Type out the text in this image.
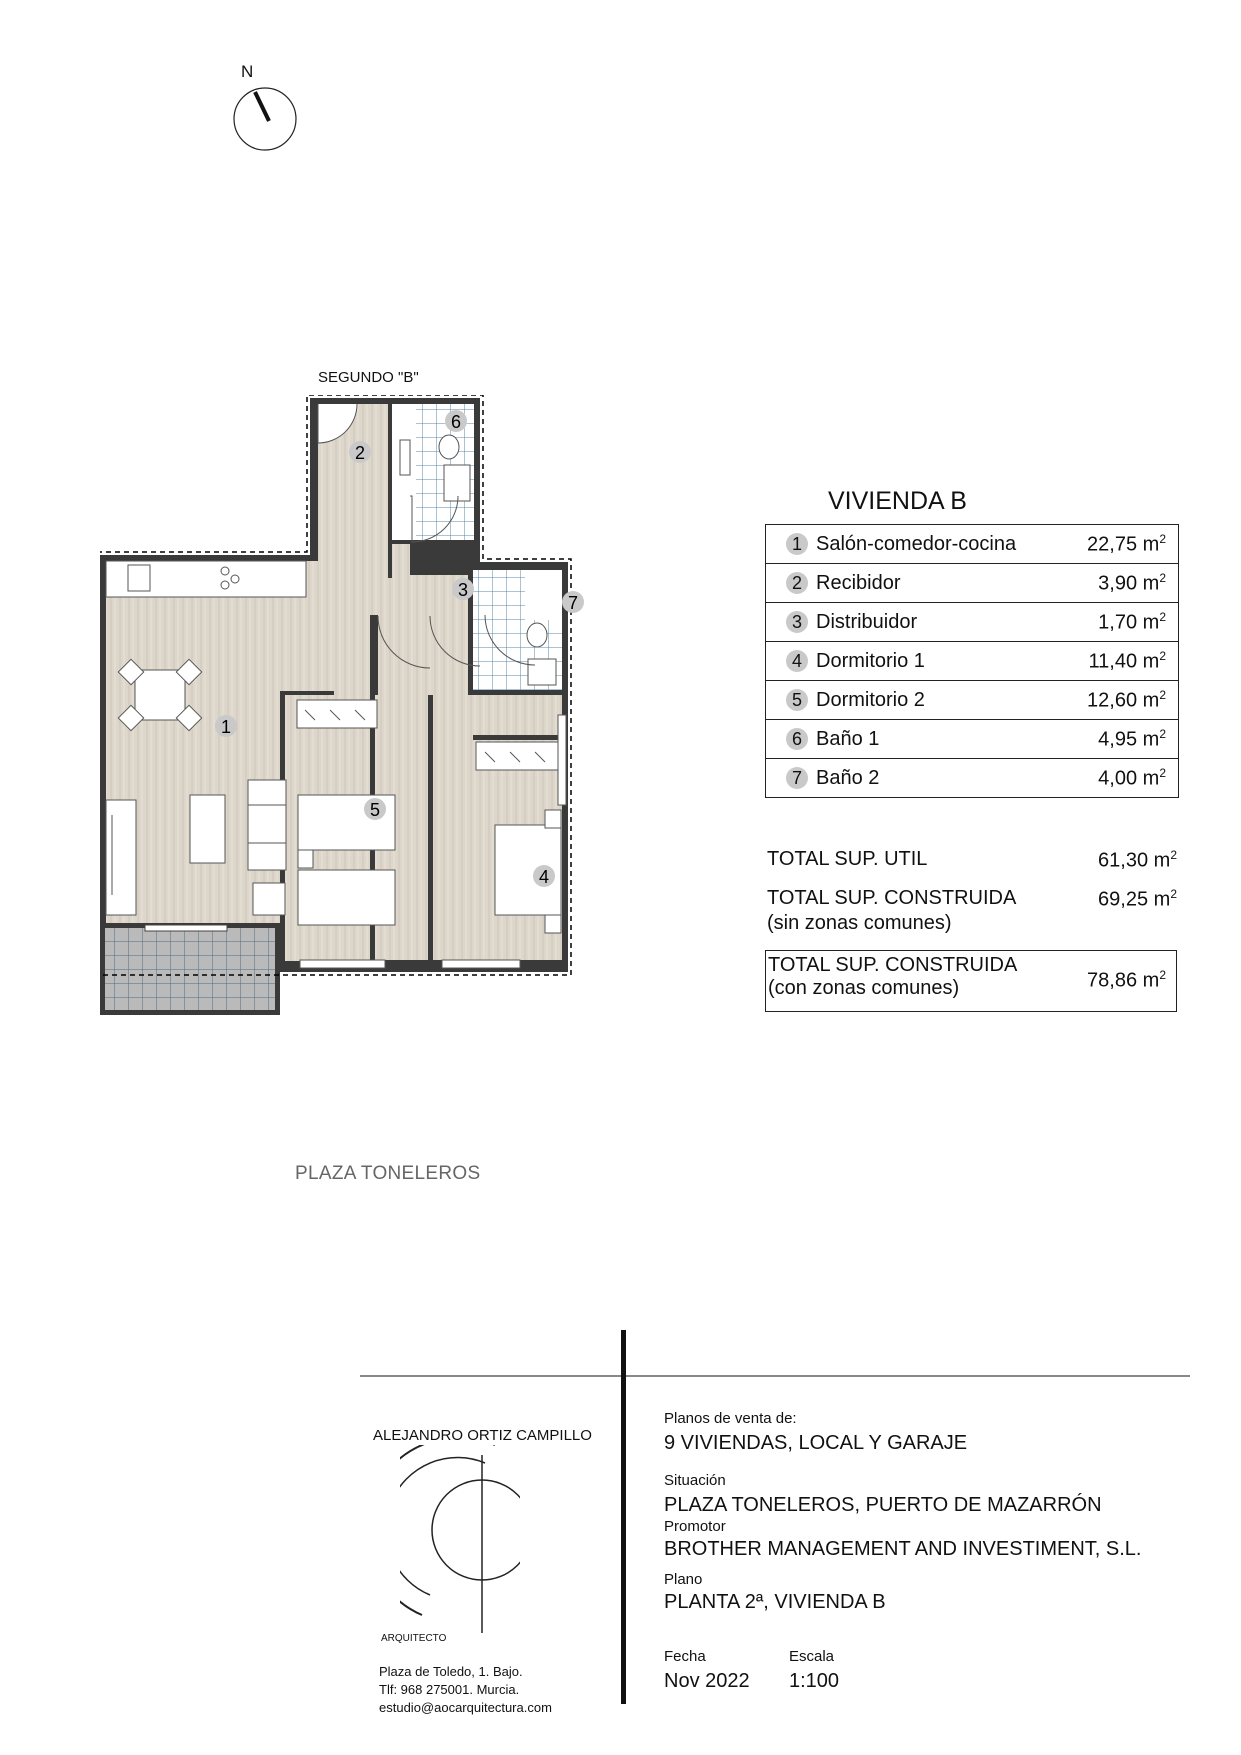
N
SEGUNDO "B"
1
2
3
4
5
6
7
PLAZA TONELEROS
VIVIENDA B
1 Salón-comedor-cocina	22,75 $m^2$

2 Recibidor	3,90 $m^2$

3 Distribuidor	1,70 $m^2$

4 Dormitorio 1	11,40 $m^2$

5 Dormitorio 2	12,60 $m^2$

6 Baño 1	4,95 $m^2$

7 Baño 2	4,00 $m^2$
TOTAL SUP. UTIL	61,30 $m^2$
TOTAL SUP. CONSTRUIDA	69,25 $m^2$
(sin zonas comunes)
TOTAL SUP. CONSTRUIDA
(con zonas comunes)	78,86 $m^2$
ALEJANDRO ORTIZ CAMPILLO
ARQUITECTO
Plaza de Toledo, 1. Bajo.
Tlf: 968 275001. Murcia.
estudio@aocarquitectura.com
Planos de venta de:
9 VIVIENDAS, LOCAL Y GARAJE
Situación
PLAZA TONELEROS, PUERTO DE MAZARRÓN
Promotor
BROTHER MANAGEMENT AND INVESTIMENT, S.L.
Plano
PLANTA 2ª, VIVIENDA B
Fecha
Nov 2022
Escala
1:100
